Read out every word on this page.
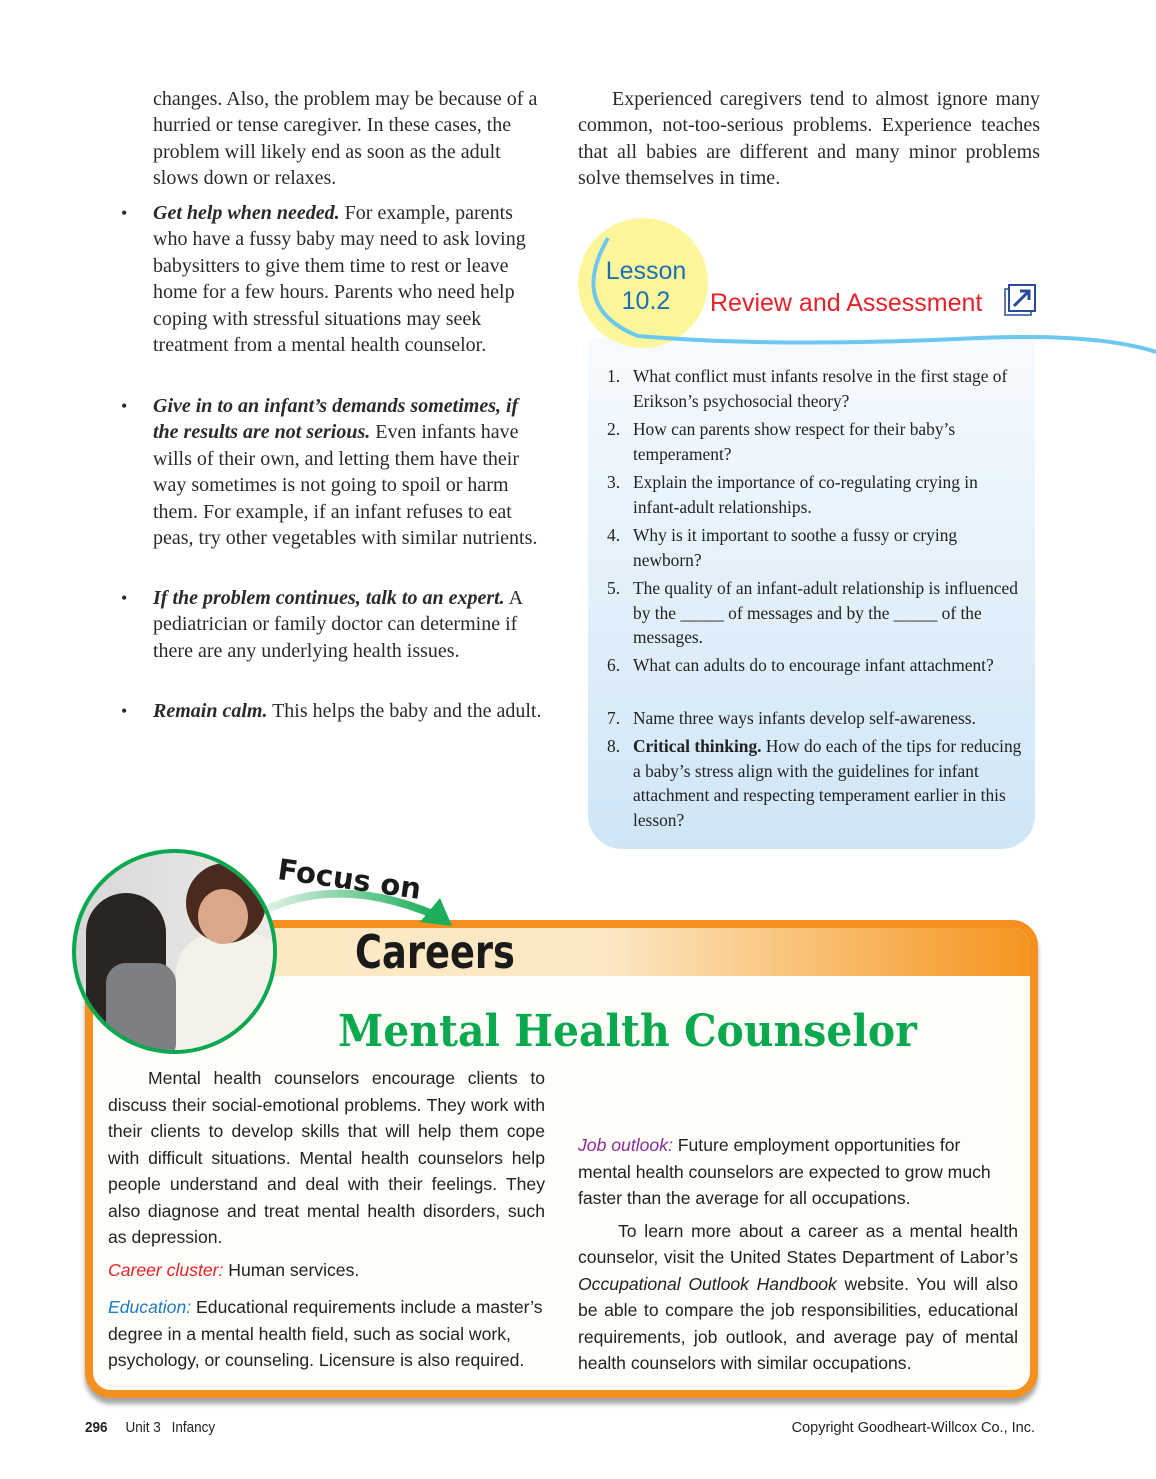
changes. Also, the problem may be because of a hurried or tense caregiver. In these cases, the problem will likely end as soon as the adult slows down or relaxes.

• Get help when needed. For example, parents who have a fussy baby may need to ask loving babysitters to give them time to rest or leave home for a few hours. Parents who need help coping with stressful situations may seek treatment from a mental health counselor.
• Give in to an infant’s demands sometimes, if the results are not serious. Even infants have wills of their own, and letting them have their way sometimes is not going to spoil or harm them. For example, if an infant refuses to eat peas, try other vegetables with similar nutrients.
• If the problem continues, talk to an expert. A pediatrician or family doctor can determine if there are any underlying health issues.
• Remain calm. This helps the baby and the adult.

Experienced caregivers tend to almost ignore many common, not-too-serious problems. Experience teaches that all babies are different and many minor problems solve themselves in time.

1. What conflict must infants resolve in the first stage of Erikson’s psychosocial theory?
2. How can parents show respect for their baby’s temperament?
3. Explain the importance of co-regulating crying in infant-adult relationships.
4. Why is it important to soothe a fussy or crying newborn?
5. The quality of an infant-adult relationship is influenced by the _____ of messages and by the _____ of the messages.
6. What can adults do to encourage infant attachment?
7. Name three ways infants develop self-awareness.
8. Critical thinking. How do each of the tips for reducing a baby’s stress align with the guidelines for infant attachment and respecting temperament earlier in this lesson?
Lesson
10.2	Review and Assessment
Careers
Mental Health Counselor

Mental health counselors encourage clients to discuss their social-emotional problems. They work with their clients to develop skills that will help them cope with difficult situations. Mental health counselors help people understand and deal with their feelings. They also diagnose and treat mental health disorders, such as depression.

Career cluster: Human services.

Education: Educational requirements include a master’s degree in a mental health field, such as social work, psychology, or counseling. Licensure is also required.

Job outlook: Future employment opportunities for mental health counselors are expected to grow much faster than the average for all occupations.

To learn more about a career as a mental health counselor, visit the United States Department of Labor’s Occupational Outlook Handbook website. You will also be able to compare the job responsibilities, educational requirements, job outlook, and average pay of mental health counselors with similar occupations.

Focus on
296 Unit 3 Infancy	Copyright Goodheart-Willcox Co., Inc.
